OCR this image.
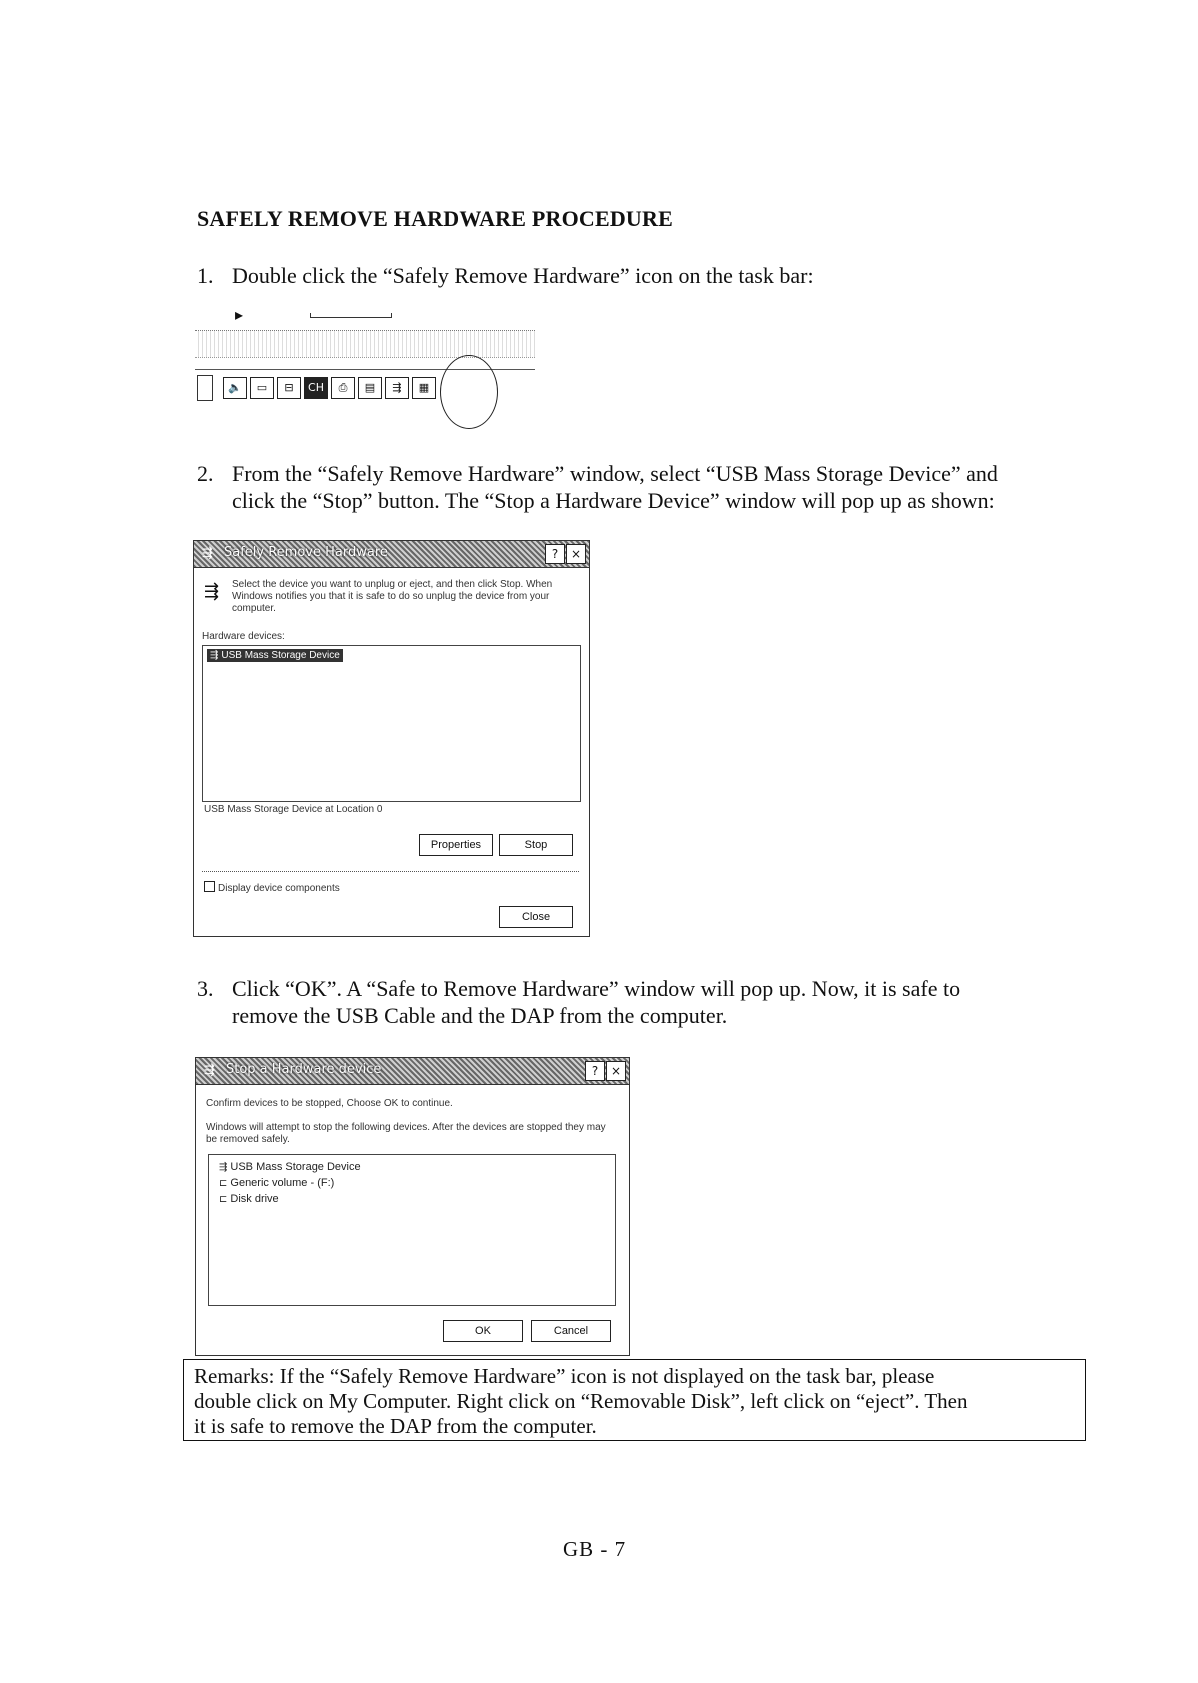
SAFELY REMOVE HARDWARE PROCEDURE
1. Double click the “Safely Remove Hardware” icon on the task bar:
▸
🔈	▭	⊟	CH	⎙	▤	⇶	▦
2. From the “Safely Remove Hardware” window, select “USB Mass Storage Device” and
click the “Stop” button. The “Stop a Hardware Device” window will pop up as shown:
⇶ Safely Remove Hardware	?	×
⇶ Select the device you want to unplug or eject, and then click Stop. When Windows notifies you that it is safe to do so unplug the device from your computer.
Hardware devices:
⇶ USB Mass Storage Device
USB Mass Storage Device at Location 0
Properties	Stop
Display device components
Close
3. Click “OK”. A “Safe to Remove Hardware” window will pop up. Now, it is safe to
remove the USB Cable and the DAP from the computer.
⇶ Stop a Hardware device	?	×
Confirm devices to be stopped, Choose OK to continue.
Windows will attempt to stop the following devices. After the devices are stopped they may be removed safely.
⇶ USB Mass Storage Device
⊏ Generic volume - (F:)
⊏ Disk drive
OK	Cancel
Remarks: If the “Safely Remove Hardware” icon is not displayed on the task bar, please
double click on My Computer. Right click on “Removable Disk”, left click on “eject”. Then
it is safe to remove the DAP from the computer.
GB - 7
